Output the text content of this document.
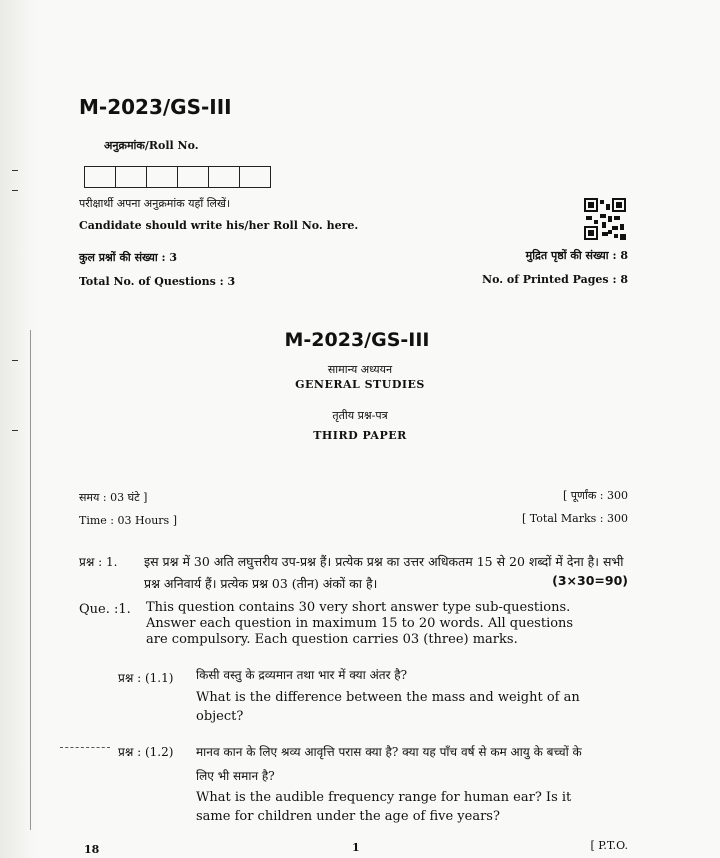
M-2023/GS-III
अनुक्रमांक/Roll No.
परीक्षार्थी अपना अनुक्रमांक यहाँ लिखें।
Candidate should write his/her Roll No. here.
कुल प्रश्नों की संख्या : 3
Total No. of Questions : 3
मुद्रित पृष्ठों की संख्या : 8
No. of Printed Pages : 8
M-2023/GS-III
सामान्य अध्ययन
GENERAL STUDIES
तृतीय प्रश्न-पत्र
THIRD PAPER
समय : 03 घंटे ]
Time : 03 Hours ]
[ पूर्णांक : 300
[ Total Marks : 300
प्रश्न : 1. इस प्रश्न में 30 अति लघुत्तरीय उप-प्रश्न हैं। प्रत्येक प्रश्न का उत्तर अधिकतम 15 से 20 शब्दों में देना है। सभी प्रश्न अनिवार्य हैं। प्रत्येक प्रश्न 03 (तीन) अंकों का है।	(3×30=90)
Que. :1. This question contains 30 very short answer type sub-questions. Answer each question in maximum 15 to 20 words. All questions are compulsory. Each question carries 03 (three) marks.
प्रश्न : (1.1) किसी वस्तु के द्रव्यमान तथा भार में क्या अंतर है?
What is the difference between the mass and weight of an object?
प्रश्न : (1.2) मानव कान के लिए श्रव्य आवृत्ति परास क्या है? क्या यह पाँच वर्ष से कम आयु के बच्चों के लिए भी समान है?
What is the audible frequency range for human ear? Is it same for children under the age of five years?
18	1	[ P.T.O.
